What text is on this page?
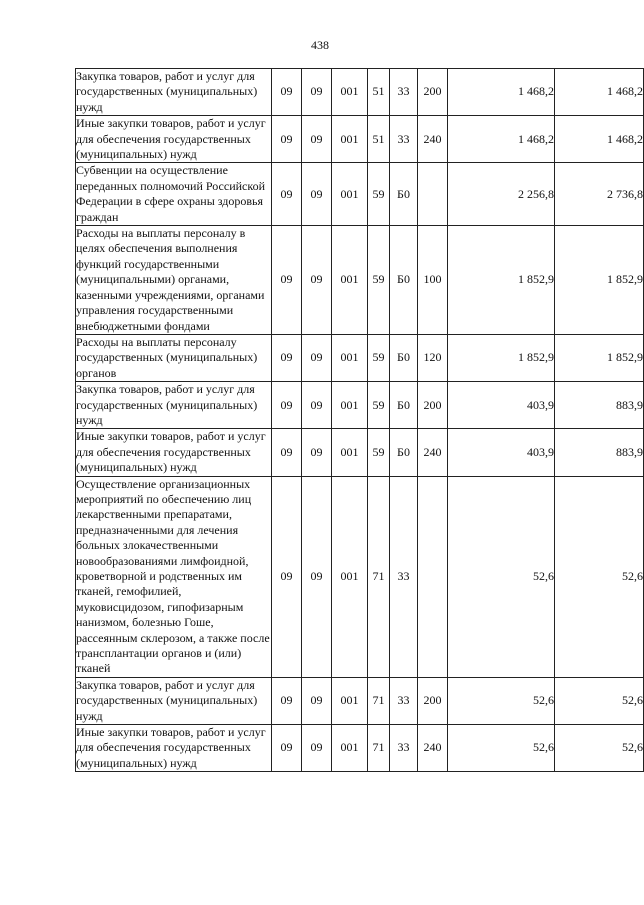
438
Закупка товаров, работ и услуг для государственных (муниципальных) нужд	09	09	001	51	33	200	1 468,2	1 468,2
Иные закупки товаров, работ и услуг для обеспечения государственных (муниципальных) нужд	09	09	001	51	33	240	1 468,2	1 468,2
Субвенции на осуществление переданных полномочий Российской Федерации в сфере охраны здоровья граждан	09	09	001	59	Б0		2 256,8	2 736,8
Расходы на выплаты персоналу в целях обеспечения выполнения функций государственными (муниципальными) органами, казенными учреждениями, органами управления государственными внебюджетными фондами	09	09	001	59	Б0	100	1 852,9	1 852,9
Расходы на выплаты персоналу государственных (муниципальных) органов	09	09	001	59	Б0	120	1 852,9	1 852,9
Закупка товаров, работ и услуг для государственных (муниципальных) нужд	09	09	001	59	Б0	200	403,9	883,9
Иные закупки товаров, работ и услуг для обеспечения государственных (муниципальных) нужд	09	09	001	59	Б0	240	403,9	883,9
Осуществление организационных мероприятий по обеспечению лиц лекарственными препаратами, предназначенными для лечения больных злокачественными новообразованиями лимфоидной, кроветворной и родственных им тканей, гемофилией, муковисцидозом, гипофизарным нанизмом, болезнью Гоше, рассеянным склерозом, а также после трансплантации органов и (или) тканей	09	09	001	71	33		52,6	52,6
Закупка товаров, работ и услуг для государственных (муниципальных) нужд	09	09	001	71	33	200	52,6	52,6
Иные закупки товаров, работ и услуг для обеспечения государственных (муниципальных) нужд	09	09	001	71	33	240	52,6	52,6
